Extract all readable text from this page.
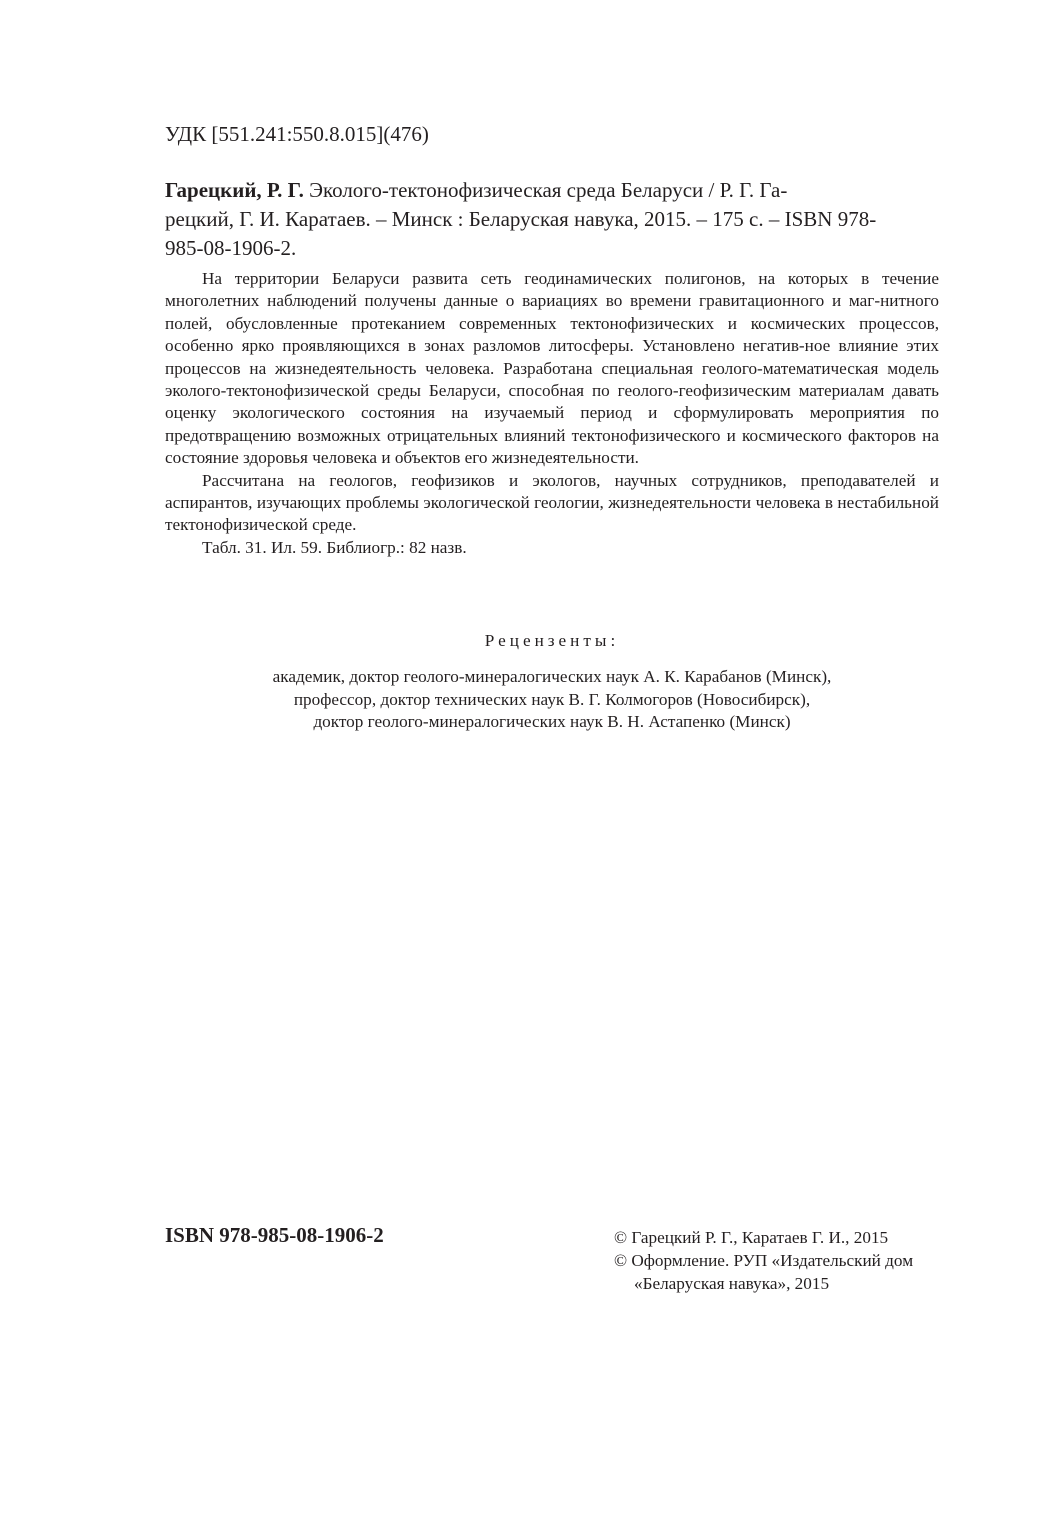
УДК [551.241:550.8.015](476)
Гарецкий, Р. Г. Эколого-тектонофизическая среда Беларуси / Р. Г. Га-
рецкий, Г. И. Каратаев. – Минск : Беларуская навука, 2015. – 175 с. – ISBN 978-
985-08-1906-2.

На территории Беларуси развита сеть геодинамических полигонов, на которых в течение многолетних наблюдений получены данные о вариациях во времени гравитационного и маг-нитного полей, обусловленные протеканием современных тектонофизических и космических процессов, особенно ярко проявляющихся в зонах разломов литосферы. Установлено негатив-ное влияние этих процессов на жизнедеятельность человека. Разработана специальная геолого-математическая модель эколого-тектонофизической среды Беларуси, способная по геолого-геофизическим материалам давать оценку экологического состояния на изучаемый период и сформулировать мероприятия по предотвращению возможных отрицательных влияний тектонофизического и космического факторов на состояние здоровья человека и объектов его жизнедеятельности.

Рассчитана на геологов, геофизиков и экологов, научных сотрудников, преподавателей и аспирантов, изучающих проблемы экологической геологии, жизнедеятельности человека в нестабильной тектонофизической среде.

Табл. 31. Ил. 59. Библиогр.: 82 назв.

Рецензенты:

академик, доктор геолого-минералогических наук А. К. Карабанов (Минск),

профессор, доктор технических наук В. Г. Колмогоров (Новосибирск),

доктор геолого-минералогических наук В. Н. Астапенко (Минск)

ISBN 978-985-08-1906-2	© Гарецкий Р. Г., Каратаев Г. И., 2015
© Оформление. РУП «Издательский дом
«Беларуская навука», 2015
